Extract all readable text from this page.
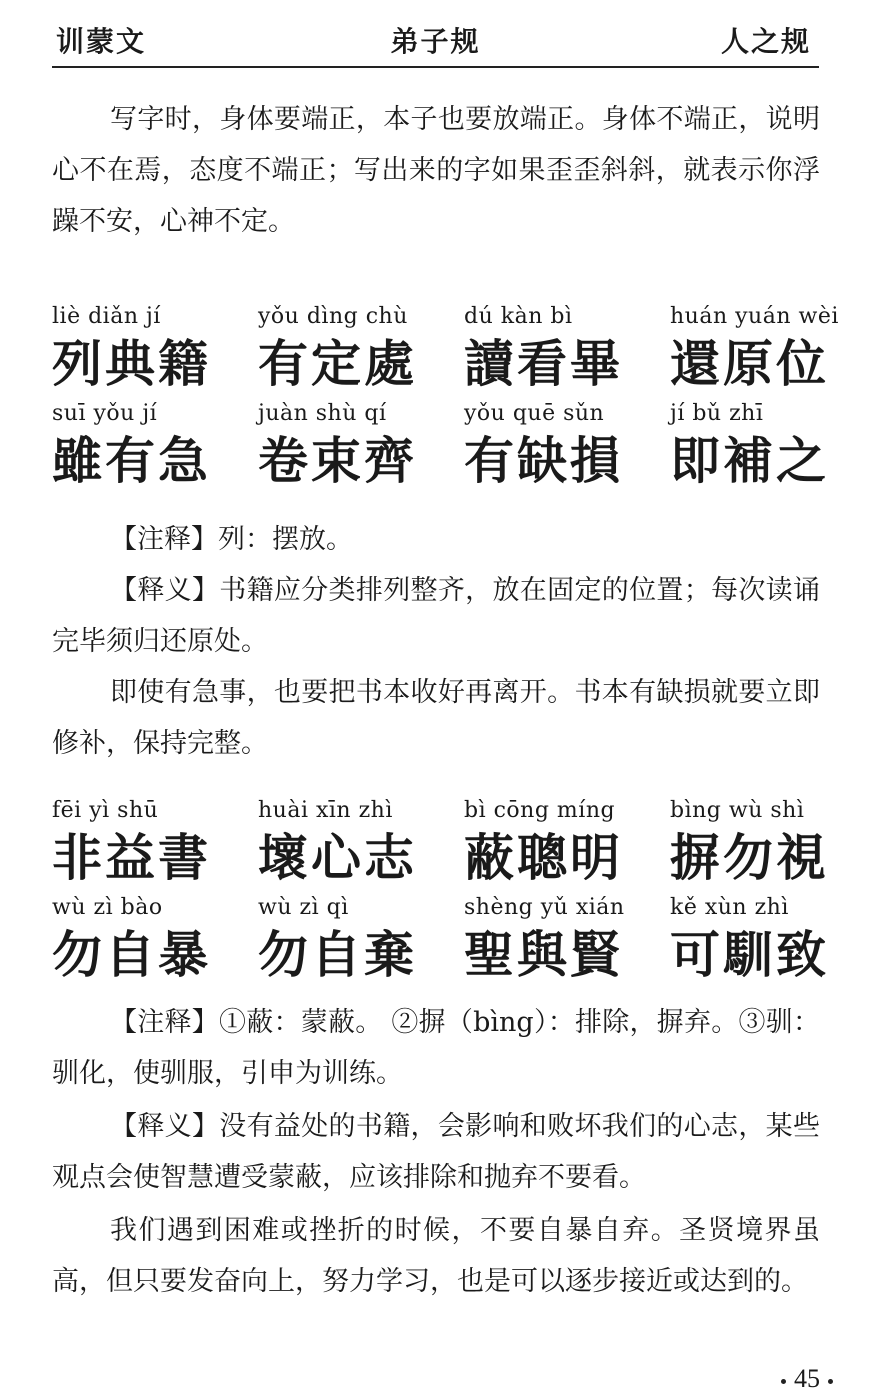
训蒙文	弟子规	人之规

写字时，身体要端正，本子也要放端正。身体不端正，说明心不在焉，态度不端正；写出来的字如果歪歪斜斜，就表示你浮躁不安，心神不定。

liè diǎn jí
列典籍
yǒu dìng chù
有定處
dú kàn bì
讀看畢
huán yuán wèi
還原位
suī yǒu jí
雖有急
juàn shù qí
卷束齊
yǒu quē sǔn
有缺損
jí bǔ zhī
即補之

【注释】列：摆放。

【释义】书籍应分类排列整齐，放在固定的位置；每次读诵完毕须归还原处。

即使有急事，也要把书本收好再离开。书本有缺损就要立即修补，保持完整。

fēi yì shū
非益書
huài xīn zhì
壞心志
bì cōng míng
蔽聰明
bìng wù shì
摒勿視
wù zì bào
勿自暴
wù zì qì
勿自棄
shèng yǔ xián
聖與賢
kě xùn zhì
可馴致

【注释】①蔽：蒙蔽。 ②摒（bìng）：排除，摒弃。③驯：驯化，使驯服，引申为训练。

【释义】没有益处的书籍，会影响和败坏我们的心志，某些观点会使智慧遭受蒙蔽，应该排除和抛弃不要看。

我们遇到困难或挫折的时候，不要自暴自弃。圣贤境界虽高，但只要发奋向上，努力学习，也是可以逐步接近或达到的。

45
